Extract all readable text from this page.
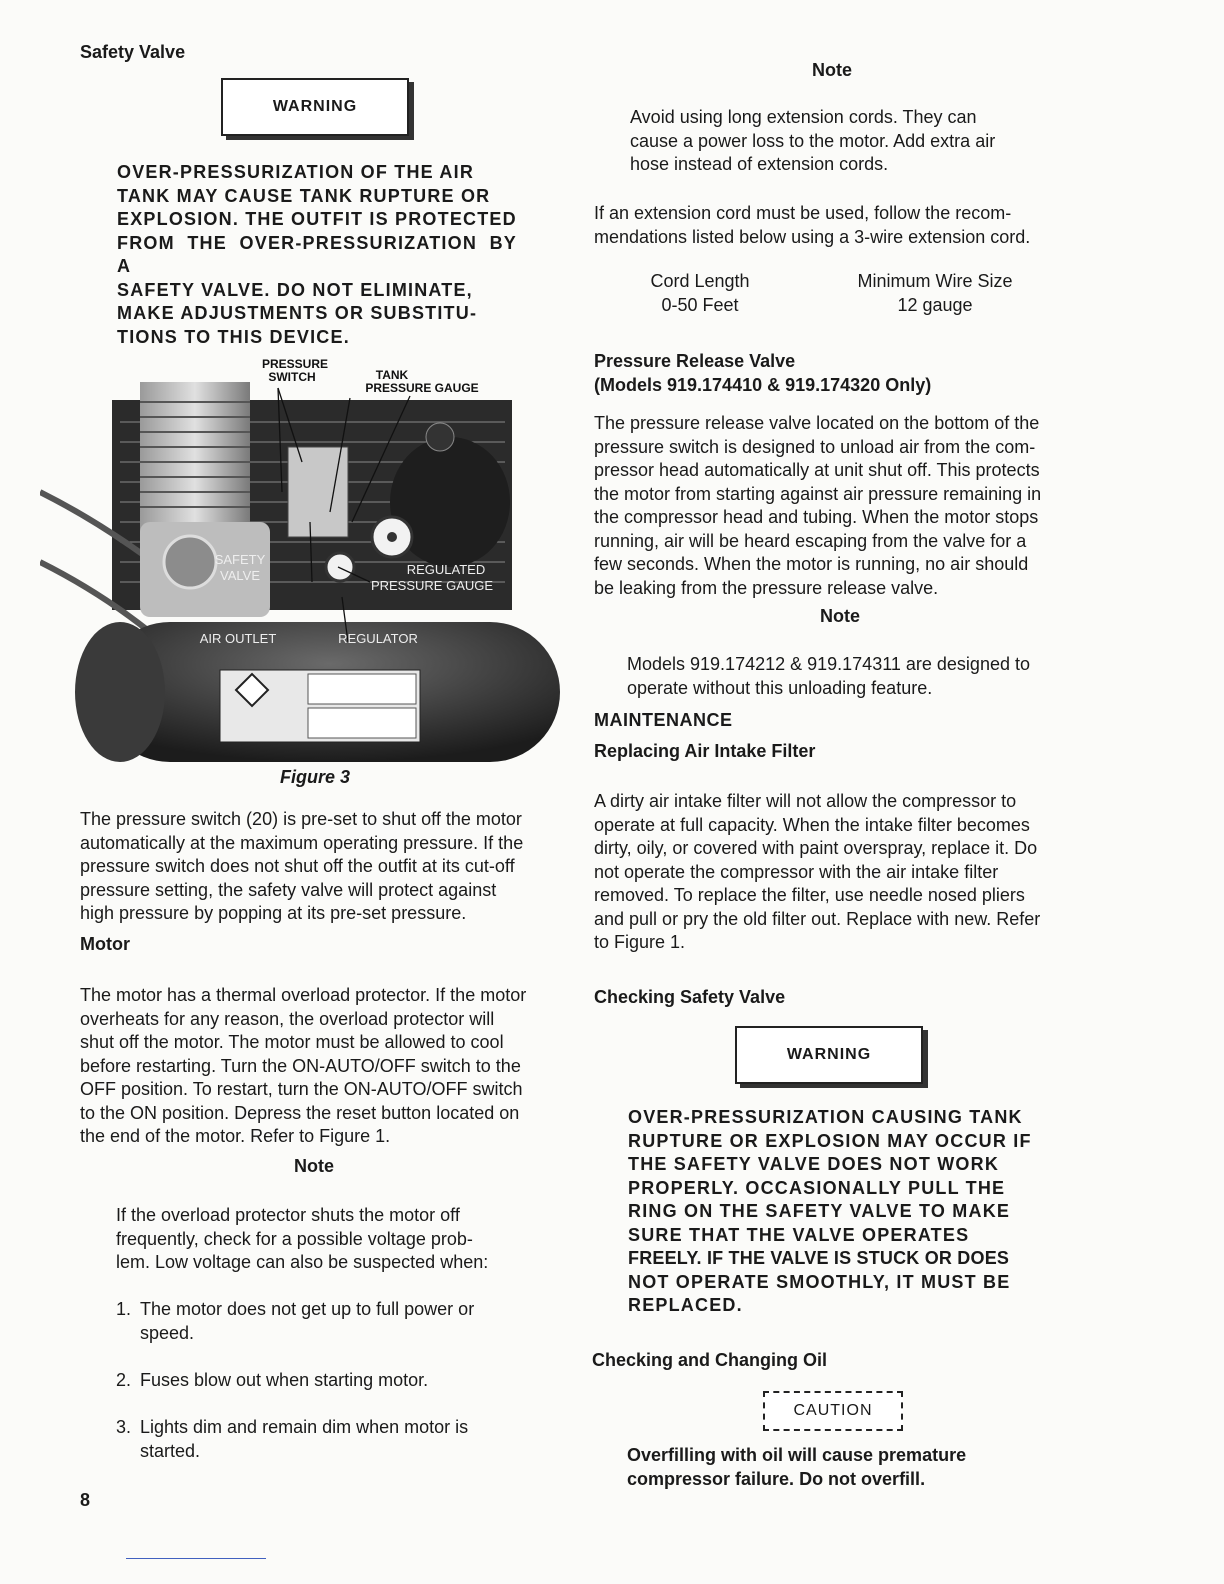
Safety Valve
WARNING
OVER-PRESSURIZATION OF THE AIR
TANK MAY CAUSE TANK RUPTURE OR
EXPLOSION. THE OUTFIT IS PROTECTED
FROM THE OVER-PRESSURIZATION BY A
SAFETY VALVE. DO NOT ELIMINATE,
MAKE ADJUSTMENTS OR SUBSTITU-
TIONS TO THIS DEVICE.
PRESSURE
SWITCH	TANK
PRESSURE GAUGE
SAFETY
VALVE	REGULATED
PRESSURE GAUGE
AIR OUTLET	REGULATOR
Figure 3
The pressure switch (20) is pre-set to shut off the motor
automatically at the maximum operating pressure. If the
pressure switch does not shut off the outfit at its cut-off
pressure setting, the safety valve will protect against
high pressure by popping at its pre-set pressure.
Motor
The motor has a thermal overload protector. If the motor
overheats for any reason, the overload protector will
shut off the motor. The motor must be allowed to cool
before restarting. Turn the ON-AUTO/OFF switch to the
OFF position. To restart, turn the ON-AUTO/OFF switch
to the ON position. Depress the reset button located on
the end of the motor. Refer to Figure 1.
Note
If the overload protector shuts the motor off
frequently, check for a possible voltage prob-
lem. Low voltage can also be suspected when:
1. The motor does not get up to full power or
speed.
2. Fuses blow out when starting motor.
3. Lights dim and remain dim when motor is
started.
8
Note
Avoid using long extension cords. They can
cause a power loss to the motor. Add extra air
hose instead of extension cords.
If an extension cord must be used, follow the recom-
mendations listed below using a 3-wire extension cord.
Cord Length	Minimum Wire Size
0-50 Feet	12 gauge
Pressure Release Valve
(Models 919.174410 & 919.174320 Only)
The pressure release valve located on the bottom of the
pressure switch is designed to unload air from the com-
pressor head automatically at unit shut off. This protects
the motor from starting against air pressure remaining in
the compressor head and tubing. When the motor stops
running, air will be heard escaping from the valve for a
few seconds. When the motor is running, no air should
be leaking from the pressure release valve.
Note
Models 919.174212 & 919.174311 are designed to
operate without this unloading feature.
MAINTENANCE
Replacing Air Intake Filter
A dirty air intake filter will not allow the compressor to
operate at full capacity. When the intake filter becomes
dirty, oily, or covered with paint overspray, replace it. Do
not operate the compressor with the air intake filter
removed. To replace the filter, use needle nosed pliers
and pull or pry the old filter out. Replace with new. Refer
to Figure 1.
Checking Safety Valve
WARNING
OVER-PRESSURIZATION CAUSING TANK
RUPTURE OR EXPLOSION MAY OCCUR IF
THE SAFETY VALVE DOES NOT WORK
PROPERLY. OCCASIONALLY PULL THE
RING ON THE SAFETY VALVE TO MAKE
SURE THAT THE VALVE OPERATES
FREELY. IF THE VALVE IS STUCK OR DOES
NOT OPERATE SMOOTHLY, IT MUST BE
REPLACED.
Checking and Changing Oil
CAUTION
Overfilling with oil will cause premature
compressor failure. Do not overfill.
